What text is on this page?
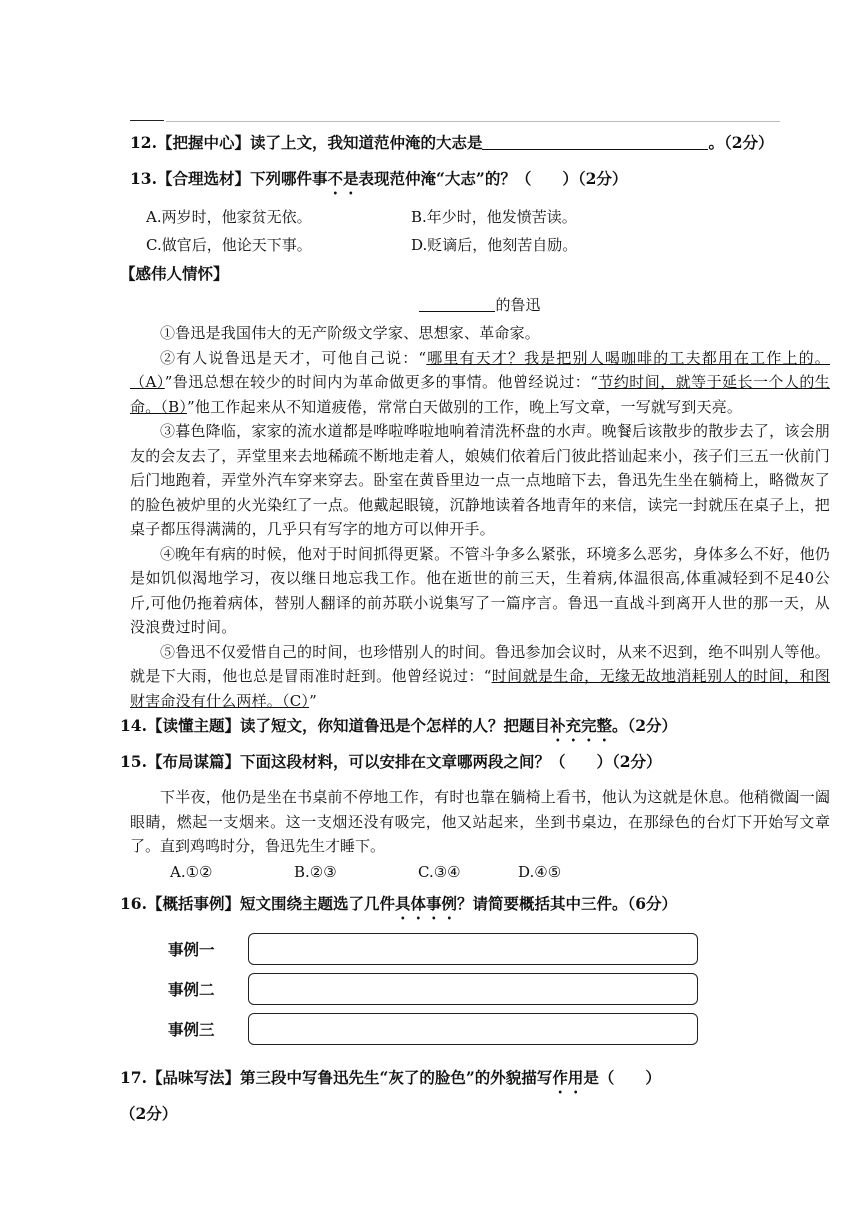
12.【把握中心】读了上文，我知道范仲淹的大志是	。（2分）
13.【合理选材】下列哪件事不是表现范仲淹“大志”的？（　　）（2分）
A.两岁时，他家贫无依。	B.年少时，他发愤苦读。
C.做官后，他论天下事。	D.贬谪后，他刻苦自励。
【感伟人情怀】
的鲁迅

①鲁迅是我国伟大的无产阶级文学家、思想家、革命家。

②有人说鲁迅是天才，可他自己说：“哪里有天才？我是把别人喝咖啡的工夫都用在工作上的。（A）”鲁迅总想在较少的时间内为革命做更多的事情。他曾经说过：“节约时间，就等于延长一个人的生命。（B）”他工作起来从不知道疲倦，常常白天做别的工作，晚上写文章，一写就写到天亮。

③暮色降临，家家的流水道都是哗啦哗啦地响着清洗杯盘的水声。晚餐后该散步的散步去了，该会朋友的会友去了，弄堂里来去地稀疏不断地走着人，娘姨们依着后门彼此搭讪起来小，孩子们三五一伙前门后门地跑着，弄堂外汽车穿来穿去。卧室在黄昏里边一点一点地暗下去，鲁迅先生坐在躺椅上，略微灰了的脸色被炉里的火光染红了一点。他戴起眼镜，沉静地读着各地青年的来信，读完一封就压在桌子上，把桌子都压得满满的，几乎只有写字的地方可以伸开手。

④晚年有病的时候，他对于时间抓得更紧。不管斗争多么紧张，环境多么恶劣，身体多么不好，他仍是如饥似渴地学习，夜以继日地忘我工作。他在逝世的前三天，生着病,体温很高,体重减轻到不足40公斤,可他仍拖着病体，替别人翻译的前苏联小说集写了一篇序言。鲁迅一直战斗到离开人世的那一天，从没浪费过时间。

⑤鲁迅不仅爱惜自己的时间，也珍惜别人的时间。鲁迅参加会议时，从来不迟到，绝不叫别人等他。就是下大雨，他也总是冒雨准时赶到。他曾经说过：“时间就是生命，无缘无故地消耗别人的时间，和图财害命没有什么两样。（C）”

14.【读懂主题】读了短文，你知道鲁迅是个怎样的人？把题目补充完整。（2分）
15.【布局谋篇】下面这段材料，可以安排在文章哪两段之间？（　　）（2分）

下半夜，他仍是坐在书桌前不停地工作，有时也靠在躺椅上看书，他认为这就是休息。他稍微阖一阖眼睛，燃起一支烟来。这一支烟还没有吸完，他又站起来，坐到书桌边，在那绿色的台灯下开始写文章了。直到鸡鸣时分，鲁迅先生才睡下。

A.①②	B.②③	C.③④	D.④⑤
16.【概括事例】短文围绕主题选了几件具体事例？请简要概括其中三件。（6分）
事例一
事例二
事例三
17.【品味写法】第三段中写鲁迅先生“灰了的脸色”的外貌描写作用是（　　）
（2分）
